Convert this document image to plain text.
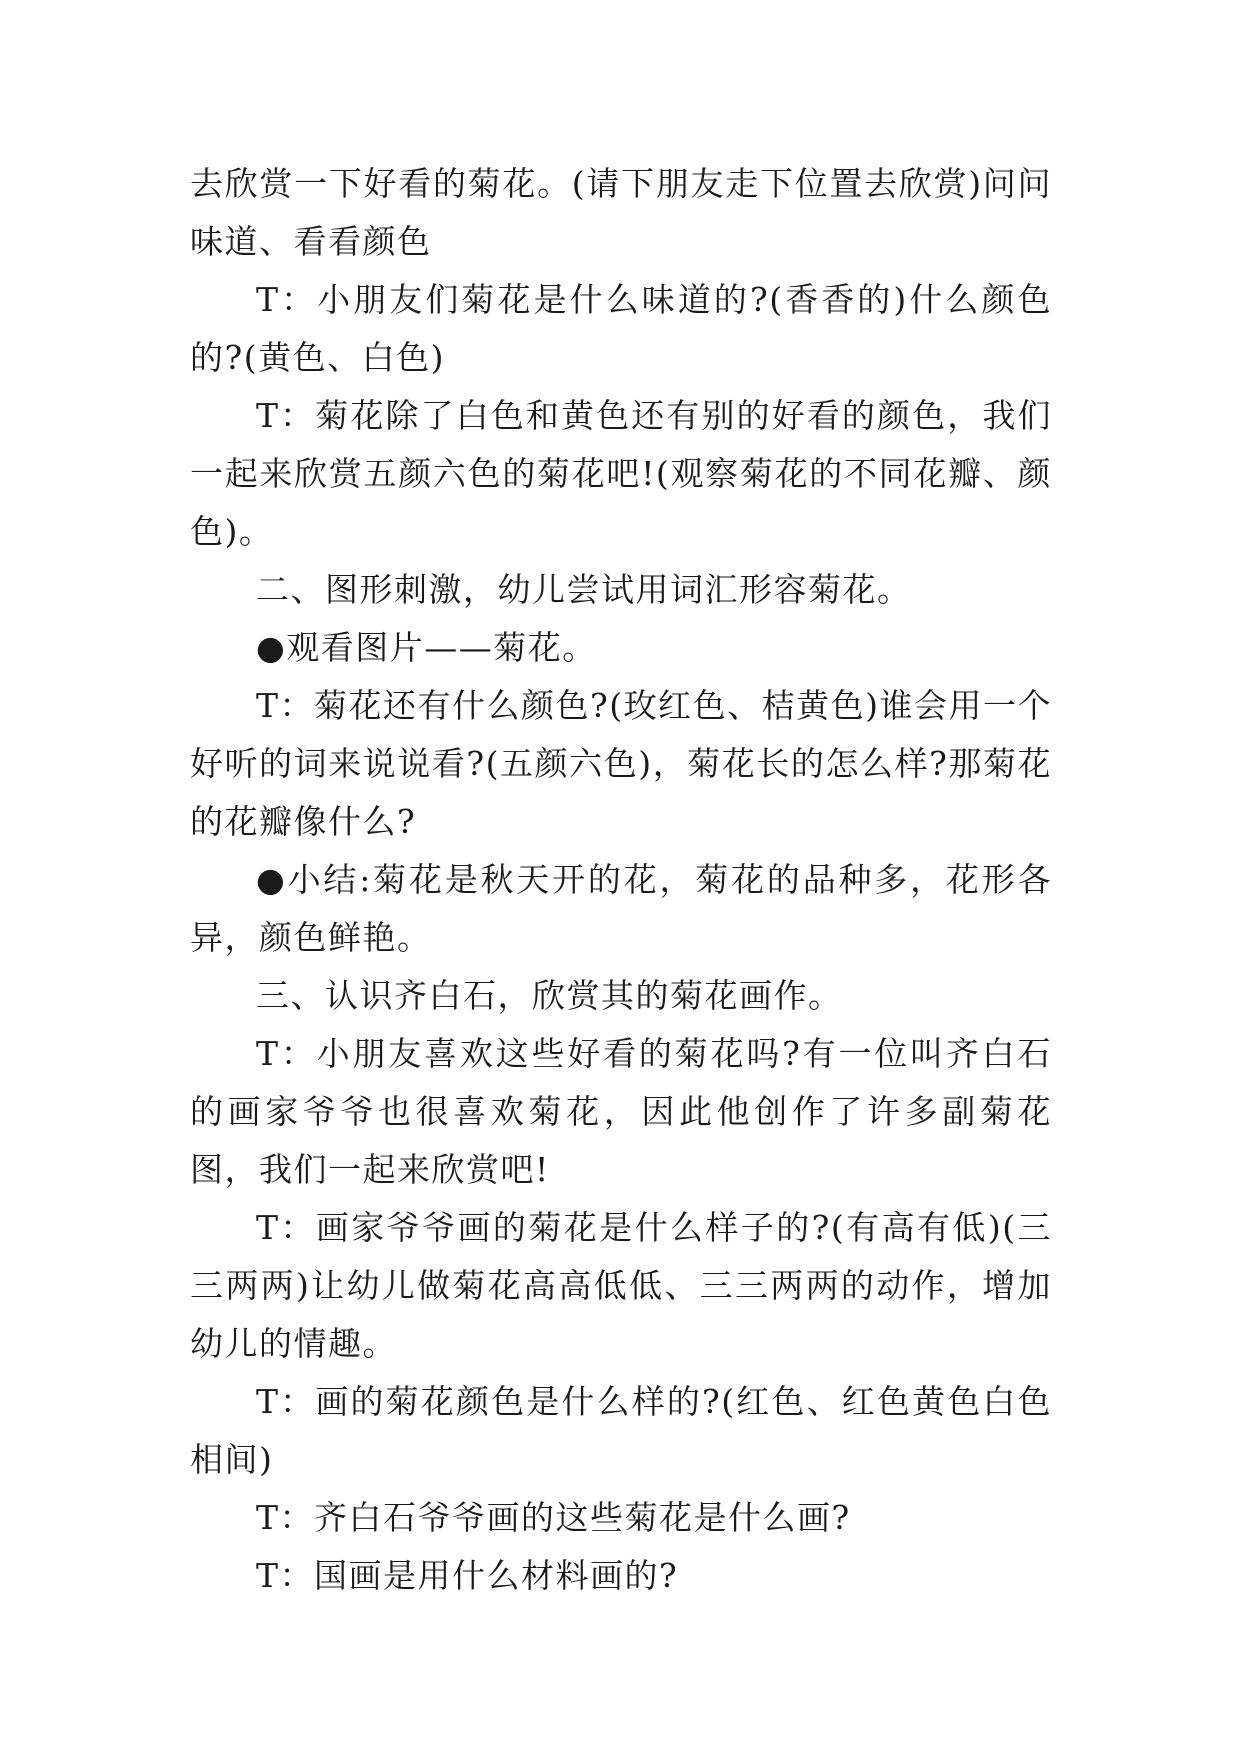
去欣赏一下好看的菊花。(请下朋友走下位置去欣赏)问问味道、看看颜色

T：小朋友们菊花是什么味道的?(香香的)什么颜色的?(黄色、白色)

T：菊花除了白色和黄色还有别的好看的颜色，我们一起来欣赏五颜六色的菊花吧!(观察菊花的不同花瓣、颜色)。

二、图形刺激，幼儿尝试用词汇形容菊花。

●观看图片——菊花。

T：菊花还有什么颜色?(玫红色、桔黄色)谁会用一个好听的词来说说看?(五颜六色)，菊花长的怎么样?那菊花的花瓣像什么?

●小结:菊花是秋天开的花，菊花的品种多，花形各异，颜色鲜艳。

三、认识齐白石，欣赏其的菊花画作。

T：小朋友喜欢这些好看的菊花吗?有一位叫齐白石的画家爷爷也很喜欢菊花，因此他创作了许多副菊花图，我们一起来欣赏吧!

T：画家爷爷画的菊花是什么样子的?(有高有低)(三三两两)让幼儿做菊花高高低低、三三两两的动作，增加幼儿的情趣。

T：画的菊花颜色是什么样的?(红色、红色黄色白色相间)

T：齐白石爷爷画的这些菊花是什么画?

T：国画是用什么材料画的?
